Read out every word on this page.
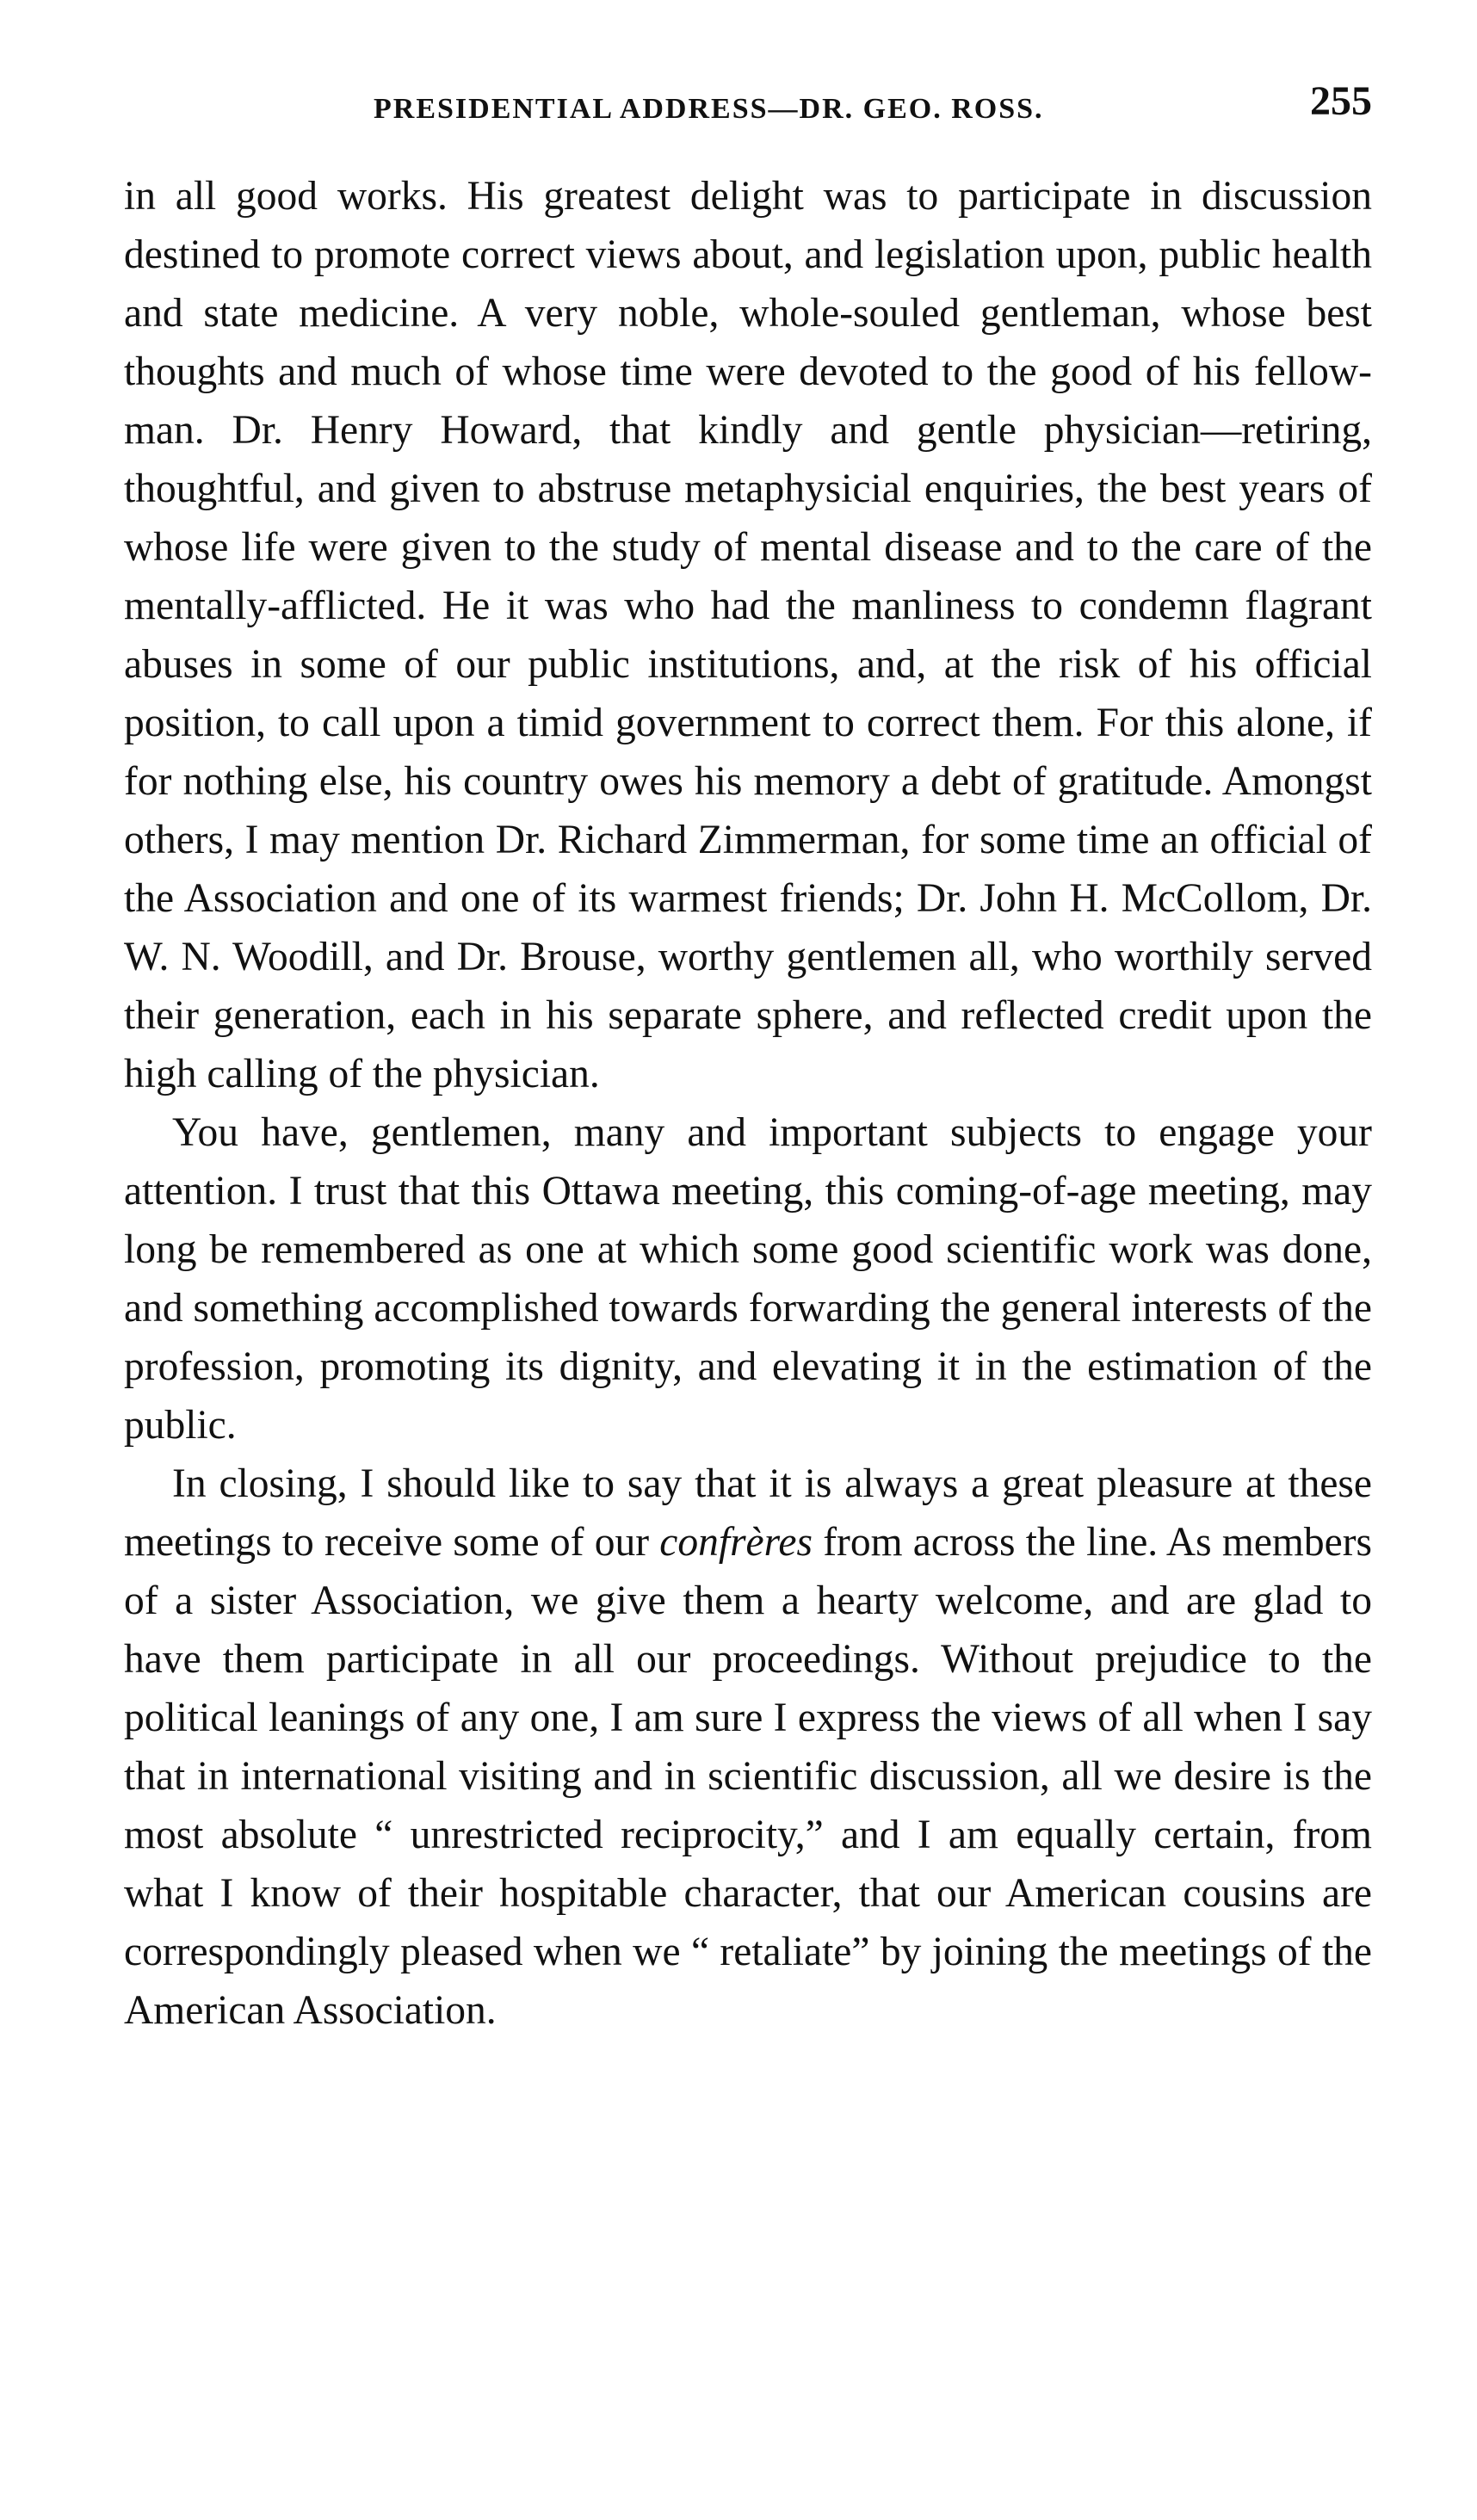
PRESIDENTIAL ADDRESS—DR. GEO. ROSS.	255

in all good works. His greatest delight was to participate in discussion destined to promote correct views about, and legislation upon, public health and state medicine. A very noble, whole-souled gentleman, whose best thoughts and much of whose time were devoted to the good of his fellow-man. Dr. Henry Howard, that kindly and gentle physician—retiring, thoughtful, and given to abstruse metaphysicial enquiries, the best years of whose life were given to the study of mental disease and to the care of the mentally-afflicted. He it was who had the manliness to condemn flagrant abuses in some of our public institutions, and, at the risk of his official position, to call upon a timid government to correct them. For this alone, if for nothing else, his country owes his memory a debt of gratitude. Amongst others, I may mention Dr. Richard Zimmerman, for some time an official of the Association and one of its warmest friends; Dr. John H. McCollom, Dr. W. N. Woodill, and Dr. Brouse, worthy gentlemen all, who worthily served their generation, each in his separate sphere, and reflected credit upon the high calling of the physician.

You have, gentlemen, many and important subjects to engage your attention. I trust that this Ottawa meeting, this coming-of-age meeting, may long be remembered as one at which some good scientific work was done, and something accomplished towards forwarding the general interests of the profession, promoting its dignity, and elevating it in the estimation of the public.

In closing, I should like to say that it is always a great pleasure at these meetings to receive some of our confrères from across the line. As members of a sister Association, we give them a hearty welcome, and are glad to have them participate in all our proceedings. Without prejudice to the political leanings of any one, I am sure I express the views of all when I say that in international visiting and in scientific discussion, all we desire is the most absolute “ unrestricted reciprocity,” and I am equally certain, from what I know of their hospitable character, that our American cousins are correspondingly pleased when we “ retaliate” by joining the meetings of the American Association.
